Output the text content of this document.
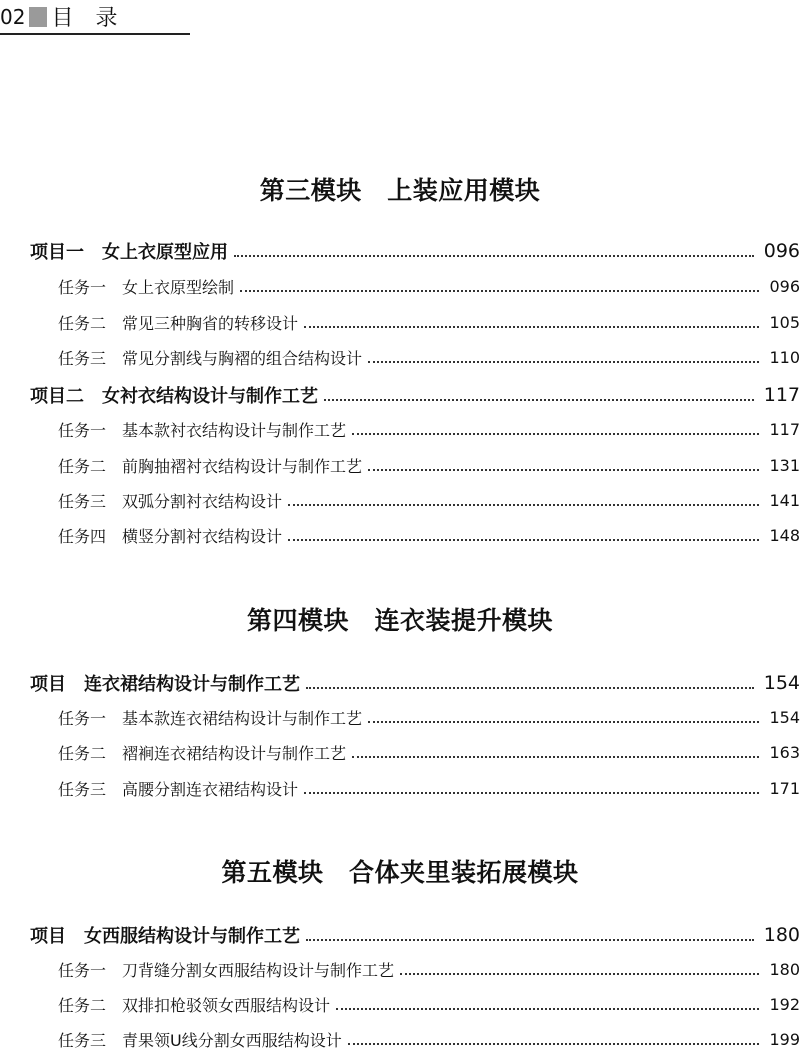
02 目录
第三模块　上装应用模块
项目一　女上衣原型应用	096
任务一　女上衣原型绘制	096
任务二　常见三种胸省的转移设计	105
任务三　常见分割线与胸褶的组合结构设计	110
项目二　女衬衣结构设计与制作工艺	117
任务一　基本款衬衣结构设计与制作工艺	117
任务二　前胸抽褶衬衣结构设计与制作工艺	131
任务三　双弧分割衬衣结构设计	141
任务四　横竖分割衬衣结构设计	148
第四模块　连衣装提升模块
项目　连衣裙结构设计与制作工艺	154
任务一　基本款连衣裙结构设计与制作工艺	154
任务二　褶裥连衣裙结构设计与制作工艺	163
任务三　高腰分割连衣裙结构设计	171
第五模块　合体夹里装拓展模块
项目　女西服结构设计与制作工艺	180
任务一　刀背缝分割女西服结构设计与制作工艺	180
任务二　双排扣枪驳领女西服结构设计	192
任务三　青果领U线分割女西服结构设计	199
